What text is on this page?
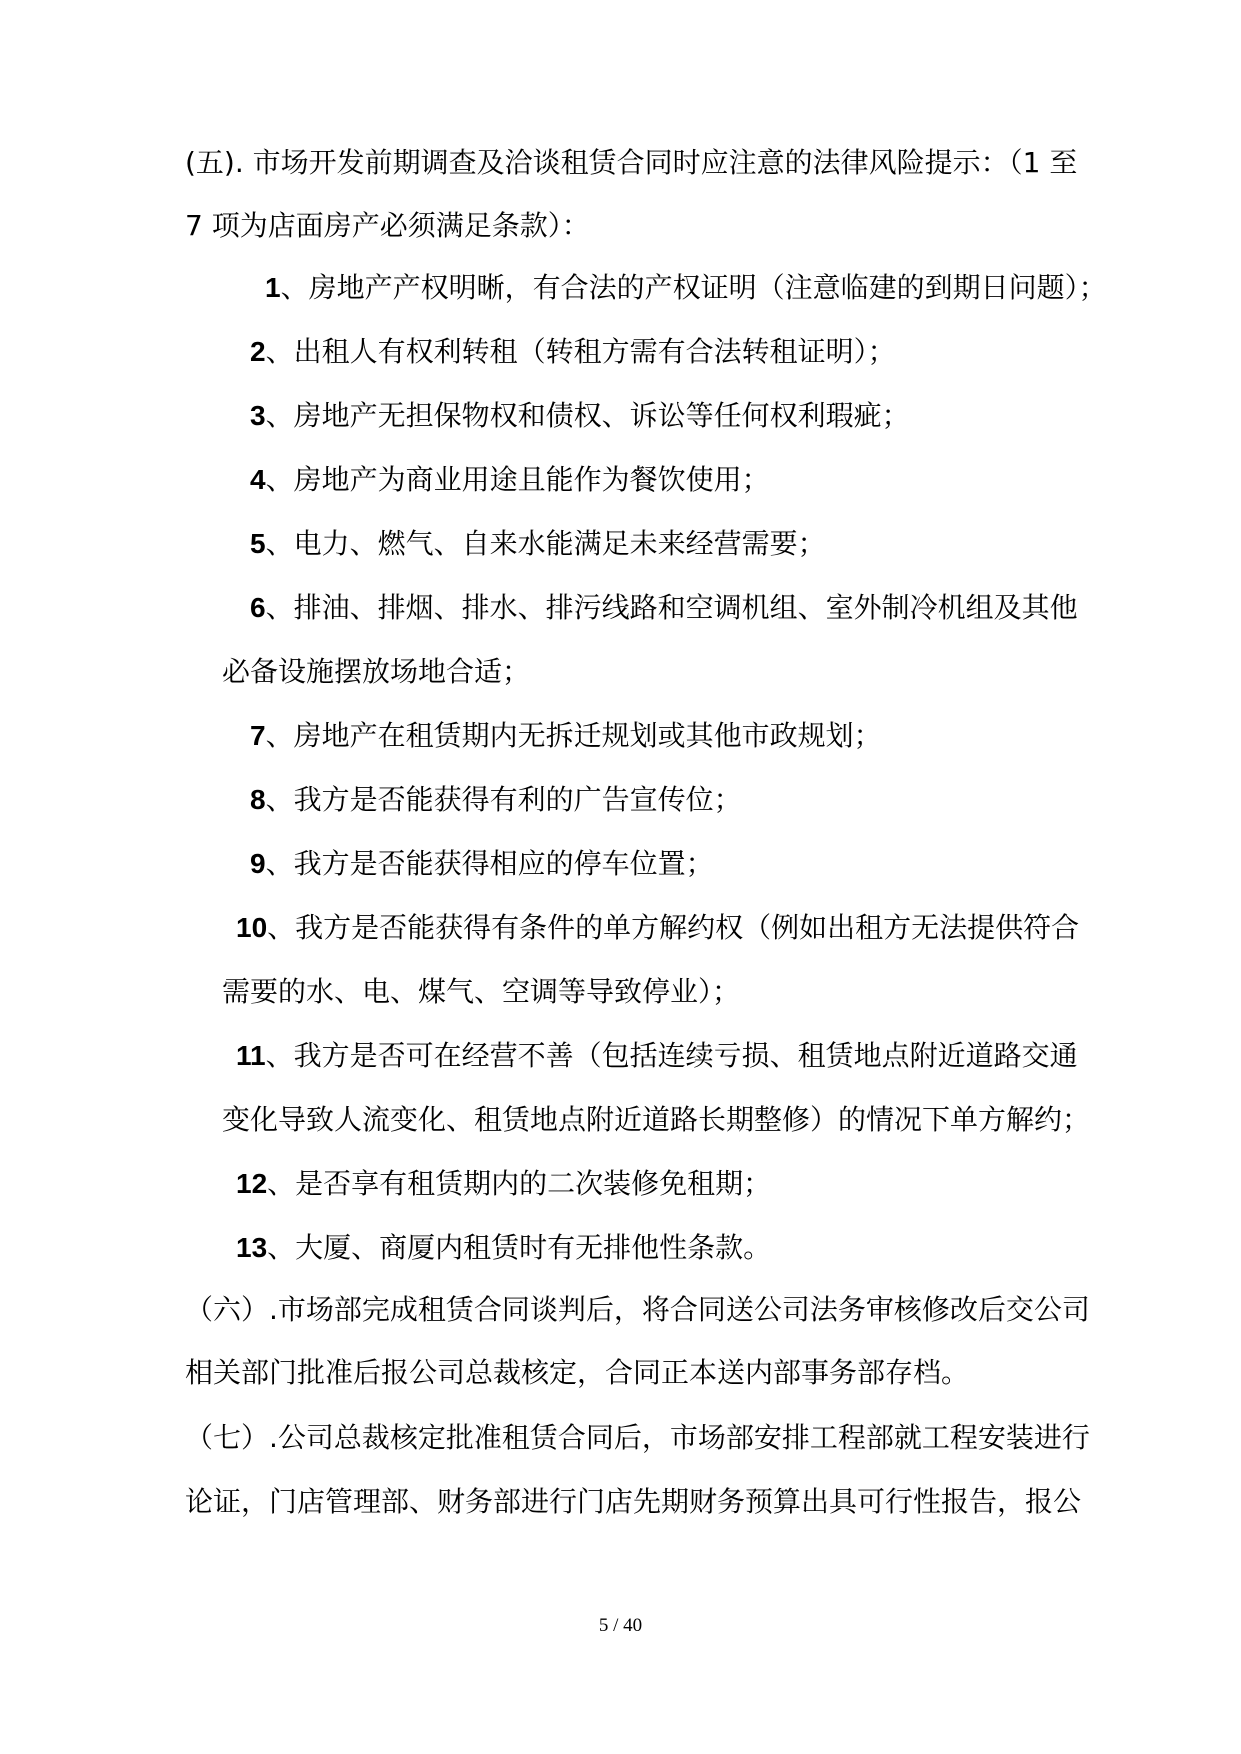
(五). 市场开发前期调查及洽谈租赁合同时应注意的法律风险提示：（1 至
7 项为店面房产必须满足条款）：
1、房地产产权明晰，有合法的产权证明（注意临建的到期日问题）；
2、出租人有权利转租（转租方需有合法转租证明）；
3、房地产无担保物权和债权、诉讼等任何权利瑕疵；
4、房地产为商业用途且能作为餐饮使用；
5、电力、燃气、自来水能满足未来经营需要；
6、排油、排烟、排水、排污线路和空调机组、室外制冷机组及其他
必备设施摆放场地合适；
7、房地产在租赁期内无拆迁规划或其他市政规划；
8、我方是否能获得有利的广告宣传位；
9、我方是否能获得相应的停车位置；
10、我方是否能获得有条件的单方解约权（例如出租方无法提供符合
需要的水、电、煤气、空调等导致停业）；
11、我方是否可在经营不善（包括连续亏损、租赁地点附近道路交通
变化导致人流变化、租赁地点附近道路长期整修）的情况下单方解约；
12、是否享有租赁期内的二次装修免租期；
13、大厦、商厦内租赁时有无排他性条款。
（六）.市场部完成租赁合同谈判后，将合同送公司法务审核修改后交公司
相关部门批准后报公司总裁核定，合同正本送内部事务部存档。
（七）.公司总裁核定批准租赁合同后，市场部安排工程部就工程安装进行
论证，门店管理部、财务部进行门店先期财务预算出具可行性报告，报公
5 / 40
